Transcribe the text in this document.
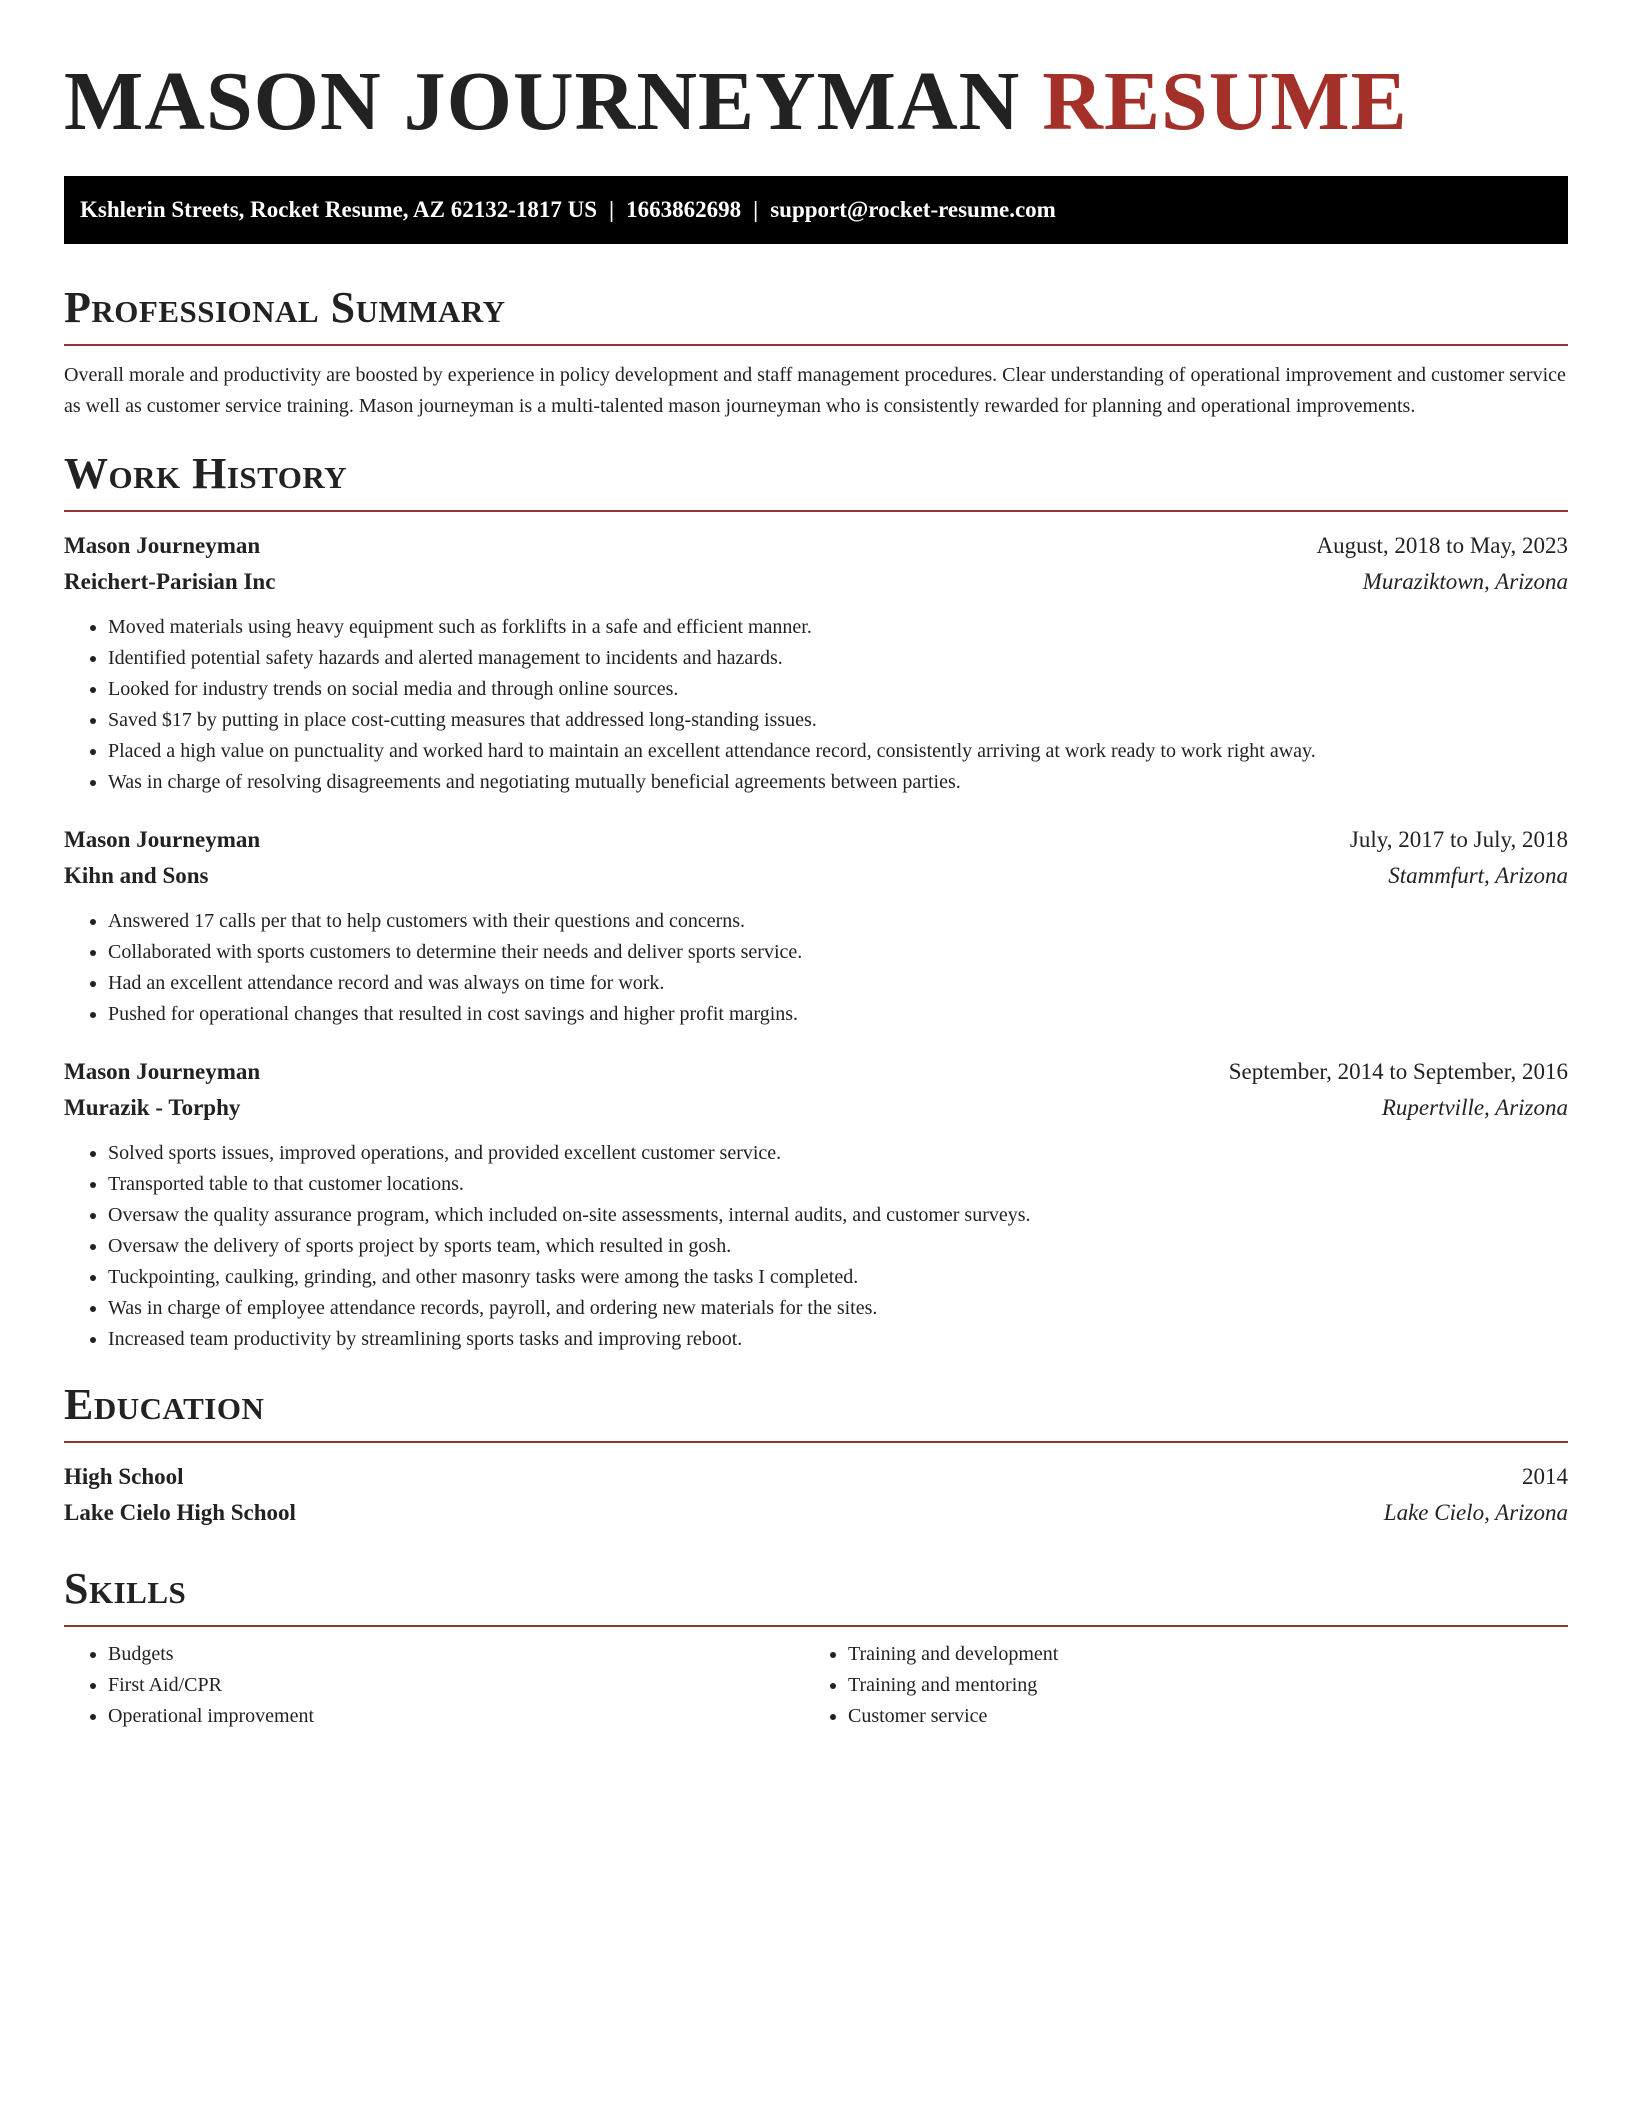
MASON JOURNEYMAN RESUME
Kshlerin Streets, Rocket Resume, AZ 62132-1817 US | 1663862698 | support@rocket-resume.com
Professional Summary

Overall morale and productivity are boosted by experience in policy development and staff management procedures. Clear understanding of operational improvement and customer service as well as customer service training. Mason journeyman is a multi-talented mason journeyman who is consistently rewarded for planning and operational improvements.

Work History
Mason Journeyman	August, 2018 to May, 2023
Reichert-Parisian Inc	Muraziktown, Arizona
• Moved materials using heavy equipment such as forklifts in a safe and efficient manner.
• Identified potential safety hazards and alerted management to incidents and hazards.
• Looked for industry trends on social media and through online sources.
• Saved $17 by putting in place cost-cutting measures that addressed long-standing issues.
• Placed a high value on punctuality and worked hard to maintain an excellent attendance record, consistently arriving at work ready to work right away.
• Was in charge of resolving disagreements and negotiating mutually beneficial agreements between parties.
Mason Journeyman	July, 2017 to July, 2018
Kihn and Sons	Stammfurt, Arizona
• Answered 17 calls per that to help customers with their questions and concerns.
• Collaborated with sports customers to determine their needs and deliver sports service.
• Had an excellent attendance record and was always on time for work.
• Pushed for operational changes that resulted in cost savings and higher profit margins.
Mason Journeyman	September, 2014 to September, 2016
Murazik - Torphy	Rupertville, Arizona
• Solved sports issues, improved operations, and provided excellent customer service.
• Transported table to that customer locations.
• Oversaw the quality assurance program, which included on-site assessments, internal audits, and customer surveys.
• Oversaw the delivery of sports project by sports team, which resulted in gosh.
• Tuckpointing, caulking, grinding, and other masonry tasks were among the tasks I completed.
• Was in charge of employee attendance records, payroll, and ordering new materials for the sites.
• Increased team productivity by streamlining sports tasks and improving reboot.
Education
High School	2014
Lake Cielo High School	Lake Cielo, Arizona
Skills
• Budgets
• First Aid/CPR
• Operational improvement
• Training and development
• Training and mentoring
• Customer service
